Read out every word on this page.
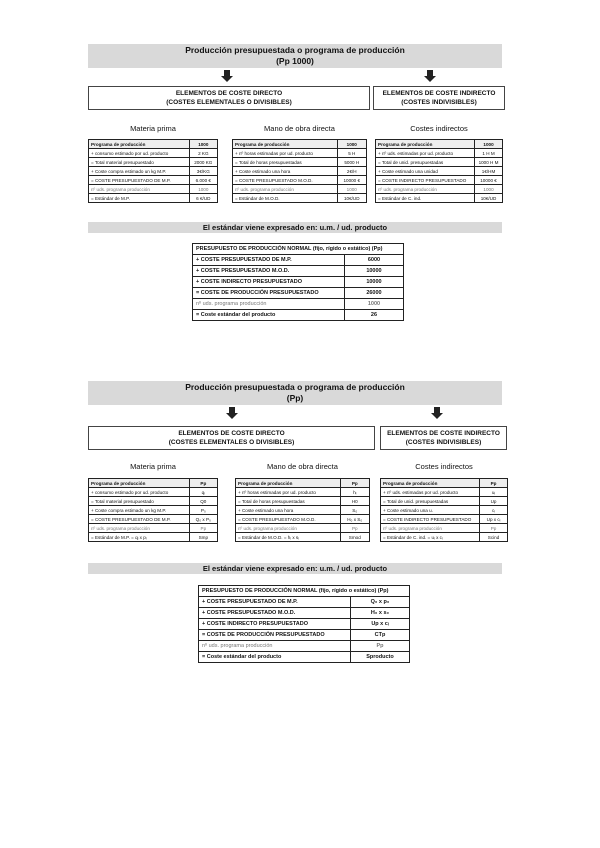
Producción presupuestada o programa de producción
(Pp 1000)
ELEMENTOS DE COSTE DIRECTO
(COSTES ELEMENTALES O DIVISIBLES)
ELEMENTOS DE COSTE INDIRECTO
(COSTES INDIVISIBLES)
Materia prima	Mano de obra directa	Costes indirectos
Programa de producción	1000
+ consumo estimado por ud. producto	2 KG
= Total material presupuestado	2000 KG
+ Coste compra estimado un kg M.P.	3€/KG
= COSTE PRESUPUESTADO DE M.P.	6.000 €
nº uds. programa producción	1000
= Estándar de M.P.	6 €/UD
Programa de producción	1000
+ nº horas estimadas por ud. producto	5 H
= Total de horas presupuestadas	5000 H
+ Coste estimado una hora	2€/H
= COSTE PRESUPUESTADO M.O.D.	10000 €
nº uds. programa producción	1000
= Estándar de M.O.D.	10€/UD
Programa de producción	1000
+ nº uds. estimadas por ud. producto	1 H M
= Total de unid. presupuestadas	1000 H M
+ Coste estimado una unidad	1€/HM
= COSTE INDIRECTO PRESUPUESTADO	10000 €
nº uds. programa producción	1000
= Estándar de C. ind.	10€/UD
El estándar viene expresado en: u.m. / ud. producto
PRESUPUESTO DE PRODUCCIÓN NORMAL (fijo, rígido o estático) (Pp)	
+ COSTE PRESUPUESTADO DE M.P.	6000
+ COSTE PRESUPUESTADO M.O.D.	10000
+ COSTE INDIRECTO PRESUPUESTADO	10000
= COSTE DE PRODUCCIÓN PRESUPUESTADO	26000
nº uds. programa producción	1000
= Coste estándar del producto	26
Producción presupuestada o programa de producción
(Pp)
ELEMENTOS DE COSTE DIRECTO
(COSTES ELEMENTALES O DIVISIBLES)
ELEMENTOS DE COSTE INDIRECTO
(COSTES INDIVISIBLES)
Materia prima	Mano de obra directa	Costes indirectos
Programa de producción	Pp
+ consumo estimado por ud. producto	qᵢ
= Total material presupuestado	Q0
+ Coste compra estimado un kg M.P.	P₀
= COSTE PRESUPUESTADO DE M.P.	Q₀ x P₀
nº uds. programa producción	Pp
= Estándar de M.P. = qᵢ x pᵢ	Smp
Programa de producción	Pp
+ nº horas estimadas por ud. producto	hᵢ
= Total de horas presupuestadas	H0
+ Coste estimado una hora	S₀
= COSTE PRESUPUESTADO M.O.D.	H₀ x S₀
nº uds. programa producción	Pp
= Estándar de M.O.D. = hᵢ x sᵢ	Smod
Programa de producción	Pp
+ nº uds. estimadas por ud. producto	uᵢ
= Total de unid. presupuestadas	Up
+ Coste estimado una u.	cᵢ
= COSTE INDIRECTO PRESUPUESTADO	Up x cᵢ
nº uds. programa producción	Pp
= Estándar de C. ind. = uᵢ x cᵢ	Scind
El estándar viene expresado en: u.m. / ud. producto
PRESUPUESTO DE PRODUCCIÓN NORMAL (fijo, rígido o estático) (Pp)	
+ COSTE PRESUPUESTADO DE M.P.	Q₀ x p₀
+ COSTE PRESUPUESTADO M.O.D.	H₀ x s₀
+ COSTE INDIRECTO PRESUPUESTADO	Up x cᵢ
= COSTE DE PRODUCCIÓN PRESUPUESTADO	CTp
nº uds. programa producción	Pp
= Coste estándar del producto	Sproducto
